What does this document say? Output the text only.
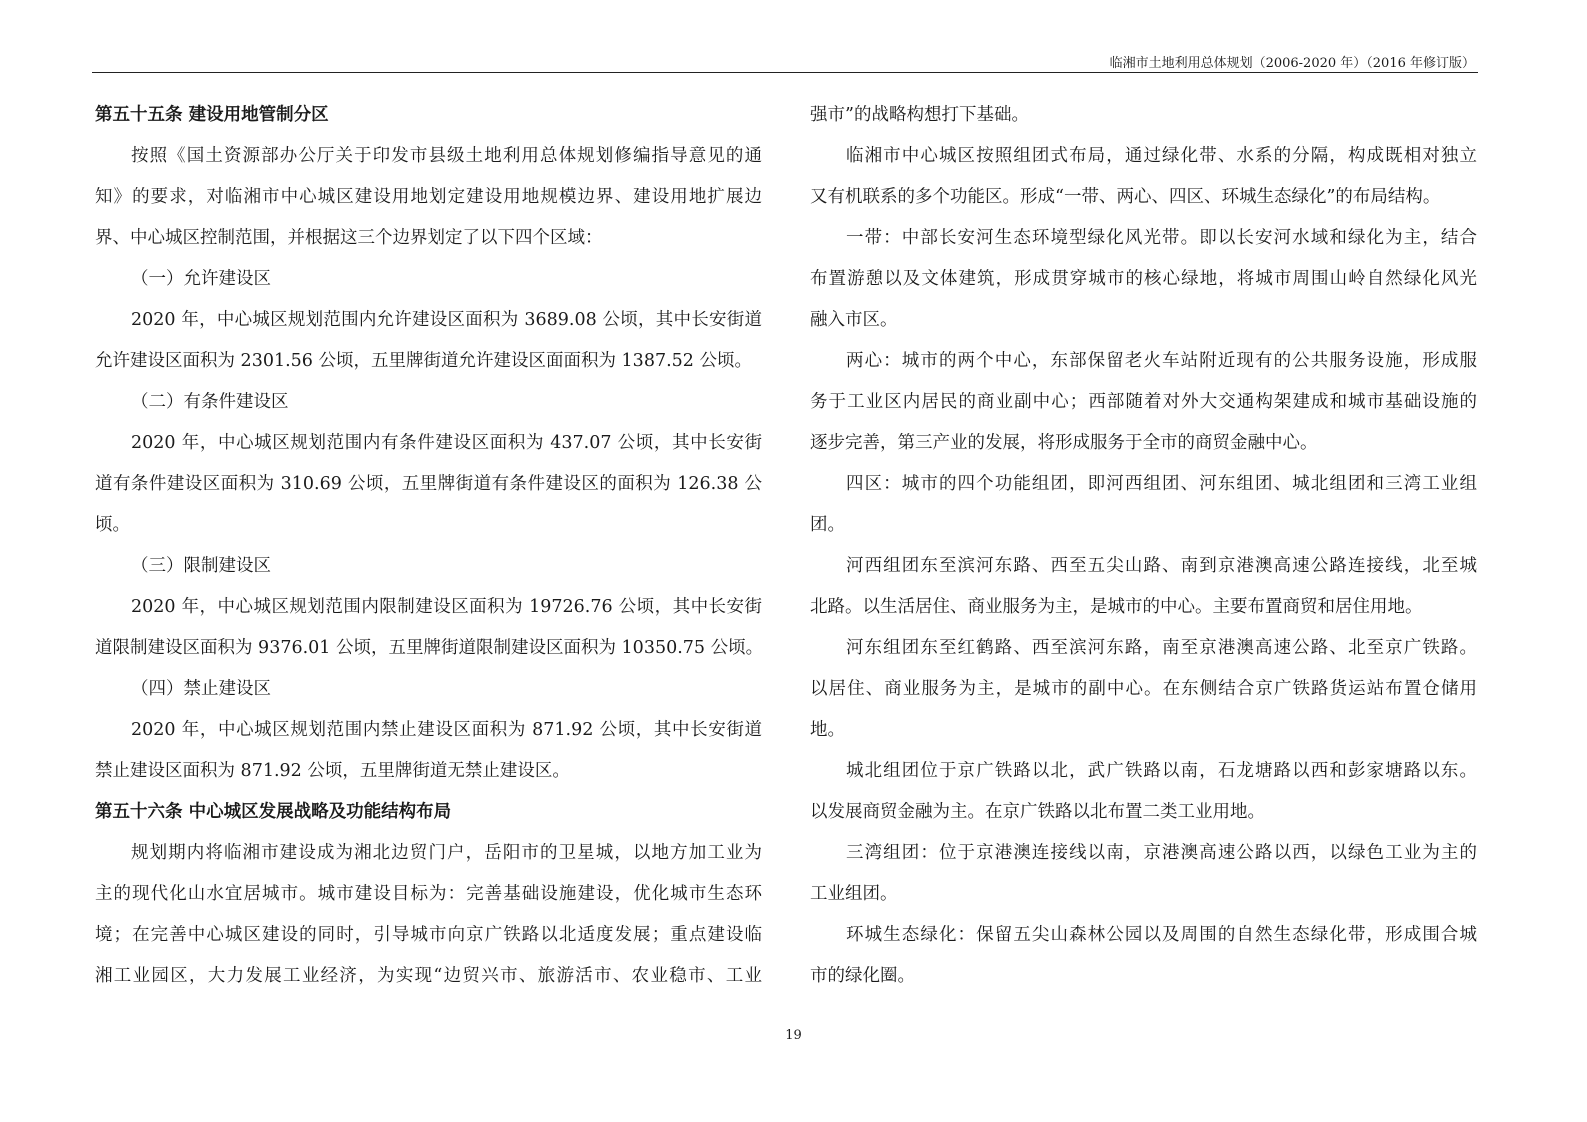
临湘市土地利用总体规划（2006-2020 年）（2016 年修订版）
第五十五条 建设用地管制分区
按照《国土资源部办公厅关于印发市县级土地利用总体规划修编指导意见的通
知》的要求，对临湘市中心城区建设用地划定建设用地规模边界、建设用地扩展边
界、中心城区控制范围，并根据这三个边界划定了以下四个区域：
（一）允许建设区
2020 年，中心城区规划范围内允许建设区面积为 3689.08 公顷，其中长安街道
允许建设区面积为 2301.56 公顷，五里牌街道允许建设区面面积为 1387.52 公顷。
（二）有条件建设区
2020 年，中心城区规划范围内有条件建设区面积为 437.07 公顷，其中长安街
道有条件建设区面积为 310.69 公顷，五里牌街道有条件建设区的面积为 126.38 公
顷。
（三）限制建设区
2020 年，中心城区规划范围内限制建设区面积为 19726.76 公顷，其中长安街
道限制建设区面积为 9376.01 公顷，五里牌街道限制建设区面积为 10350.75 公顷。
（四）禁止建设区
2020 年，中心城区规划范围内禁止建设区面积为 871.92 公顷，其中长安街道
禁止建设区面积为 871.92 公顷，五里牌街道无禁止建设区。
第五十六条 中心城区发展战略及功能结构布局
规划期内将临湘市建设成为湘北边贸门户，岳阳市的卫星城，以地方加工业为
主的现代化山水宜居城市。城市建设目标为：完善基础设施建设，优化城市生态环
境；在完善中心城区建设的同时，引导城市向京广铁路以北适度发展；重点建设临
湘工业园区，大力发展工业经济，为实现“边贸兴市、旅游活市、农业稳市、工业
强市”的战略构想打下基础。
临湘市中心城区按照组团式布局，通过绿化带、水系的分隔，构成既相对独立
又有机联系的多个功能区。形成“一带、两心、四区、环城生态绿化”的布局结构。
一带：中部长安河生态环境型绿化风光带。即以长安河水域和绿化为主，结合
布置游憩以及文体建筑，形成贯穿城市的核心绿地，将城市周围山岭自然绿化风光
融入市区。
两心：城市的两个中心，东部保留老火车站附近现有的公共服务设施，形成服
务于工业区内居民的商业副中心；西部随着对外大交通构架建成和城市基础设施的
逐步完善，第三产业的发展，将形成服务于全市的商贸金融中心。
四区：城市的四个功能组团，即河西组团、河东组团、城北组团和三湾工业组
团。
河西组团东至滨河东路、西至五尖山路、南到京港澳高速公路连接线，北至城
北路。以生活居住、商业服务为主，是城市的中心。主要布置商贸和居住用地。
河东组团东至红鹤路、西至滨河东路，南至京港澳高速公路、北至京广铁路。
以居住、商业服务为主，是城市的副中心。在东侧结合京广铁路货运站布置仓储用
地。
城北组团位于京广铁路以北，武广铁路以南，石龙塘路以西和彭家塘路以东。
以发展商贸金融为主。在京广铁路以北布置二类工业用地。
三湾组团：位于京港澳连接线以南，京港澳高速公路以西，以绿色工业为主的
工业组团。
环城生态绿化：保留五尖山森林公园以及周围的自然生态绿化带，形成围合城
市的绿化圈。
19
